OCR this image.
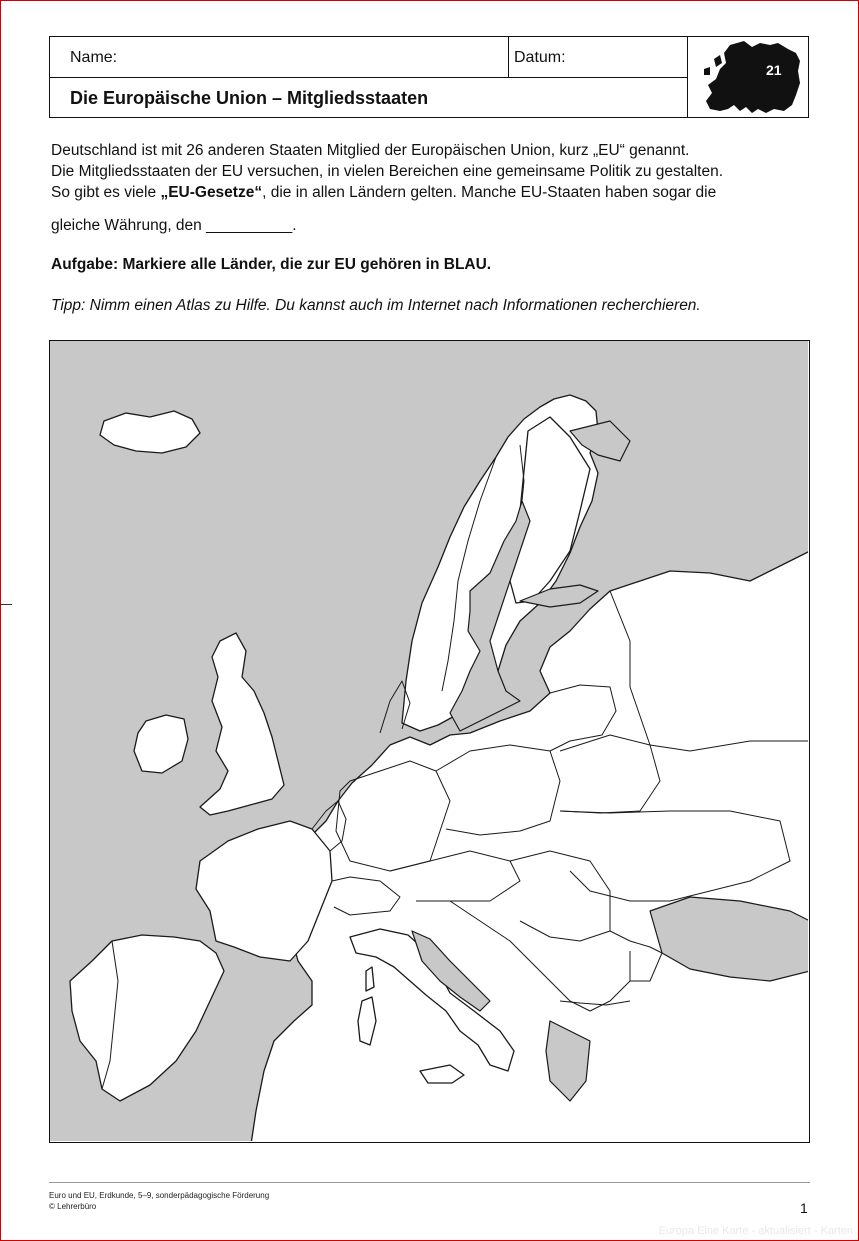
Name:	Datum:
Die Europäische Union – Mitgliedsstaaten
21

Deutschland ist mit 26 anderen Staaten Mitglied der Europäischen Union, kurz „EU“ genannt.

Die Mitgliedsstaaten der EU versuchen, in vielen Bereichen eine gemeinsame Politik zu gestalten.

So gibt es viele „EU-Gesetze“, die in allen Ländern gelten. Manche EU-Staaten haben sogar die

gleiche Währung, den __________.

Aufgabe: Markiere alle Länder, die zur EU gehören in BLAU.
Tipp: Nimm einen Atlas zu Hilfe. Du kannst auch im Internet nach Informationen recherchieren.
Euro und EU, Erdkunde, 5–9, sonderpädagogische Förderung
© Lehrerbüro	1
Europa Eine Karte - aktualisiert - Karten
